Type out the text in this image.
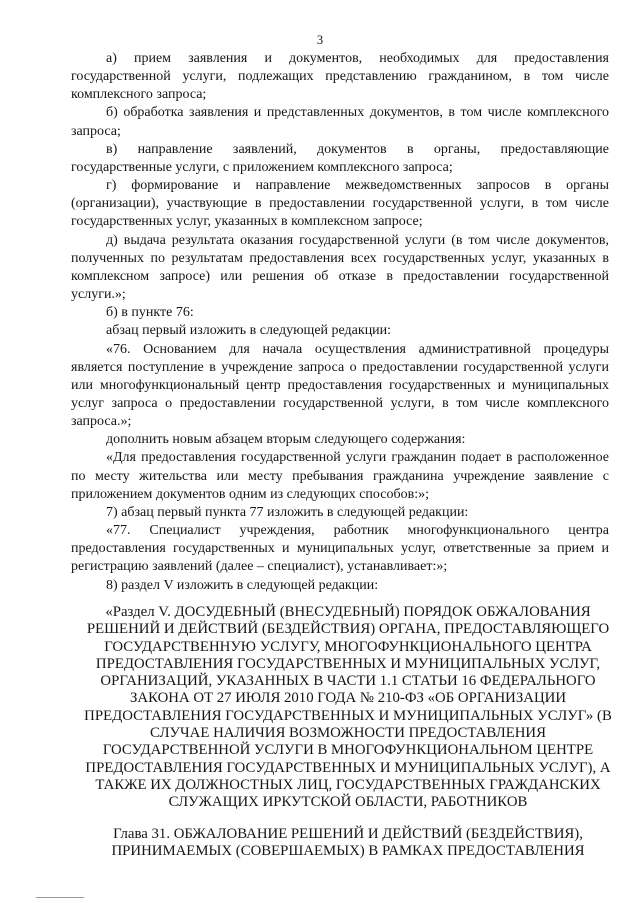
3

а) прием заявления и документов, необходимых для предоставления государственной услуги, подлежащих представлению гражданином, в том числе комплексного запроса;

б) обработка заявления и представленных документов, в том числе комплексного запроса;

в) направление заявлений, документов в органы, предоставляющие государственные услуги, с приложением комплексного запроса;

г) формирование и направление межведомственных запросов в органы (организации), участвующие в предоставлении государственной услуги, в том числе государственных услуг, указанных в комплексном запросе;

д) выдача результата оказания государственной услуги (в том числе документов, полученных по результатам предоставления всех государственных услуг, указанных в комплексном запросе) или решения об отказе в предоставлении государственной услуги.»;

б) в пункте 76:

абзац первый изложить в следующей редакции:

«76. Основанием для начала осуществления административной процедуры является поступление в учреждение запроса о предоставлении государственной услуги или многофункциональный центр предоставления государственных и муниципальных услуг запроса о предоставлении государственной услуги, в том числе комплексного запроса.»;

дополнить новым абзацем вторым следующего содержания:

«Для предоставления государственной услуги гражданин подает в расположенное по месту жительства или месту пребывания гражданина учреждение заявление с приложением документов одним из следующих способов:»;

7) абзац первый пункта 77 изложить в следующей редакции:

«77. Специалист учреждения, работник многофункционального центра предоставления государственных и муниципальных услуг, ответственные за прием и регистрацию заявлений (далее – специалист), устанавливает:»;

8) раздел V изложить в следующей редакции:

«Раздел V. ДОСУДЕБНЫЙ (ВНЕСУДЕБНЫЙ) ПОРЯДОК ОБЖАЛОВАНИЯ РЕШЕНИЙ И ДЕЙСТВИЙ (БЕЗДЕЙСТВИЯ) ОРГАНА, ПРЕДОСТАВЛЯЮЩЕГО ГОСУДАРСТВЕННУЮ УСЛУГУ, МНОГОФУНКЦИОНАЛЬНОГО ЦЕНТРА ПРЕДОСТАВЛЕНИЯ ГОСУДАРСТВЕННЫХ И МУНИЦИПАЛЬНЫХ УСЛУГ, ОРГАНИЗАЦИЙ, УКАЗАННЫХ В ЧАСТИ 1.1 СТАТЬИ 16 ФЕДЕРАЛЬНОГО ЗАКОНА ОТ 27 ИЮЛЯ 2010 ГОДА № 210-ФЗ «ОБ ОРГАНИЗАЦИИ ПРЕДОСТАВЛЕНИЯ ГОСУДАРСТВЕННЫХ И МУНИЦИПАЛЬНЫХ УСЛУГ» (В СЛУЧАЕ НАЛИЧИЯ ВОЗМОЖНОСТИ ПРЕДОСТАВЛЕНИЯ ГОСУДАРСТВЕННОЙ УСЛУГИ В МНОГОФУНКЦИОНАЛЬНОМ ЦЕНТРЕ ПРЕДОСТАВЛЕНИЯ ГОСУДАРСТВЕННЫХ И МУНИЦИПАЛЬНЫХ УСЛУГ), А ТАКЖЕ ИХ ДОЛЖНОСТНЫХ ЛИЦ, ГОСУДАРСТВЕННЫХ ГРАЖДАНСКИХ СЛУЖАЩИХ ИРКУТСКОЙ ОБЛАСТИ, РАБОТНИКОВ
Глава 31. ОБЖАЛОВАНИЕ РЕШЕНИЙ И ДЕЙСТВИЙ (БЕЗДЕЙСТВИЯ), ПРИНИМАЕМЫХ (СОВЕРШАЕМЫХ) В РАМКАХ ПРЕДОСТАВЛЕНИЯ
